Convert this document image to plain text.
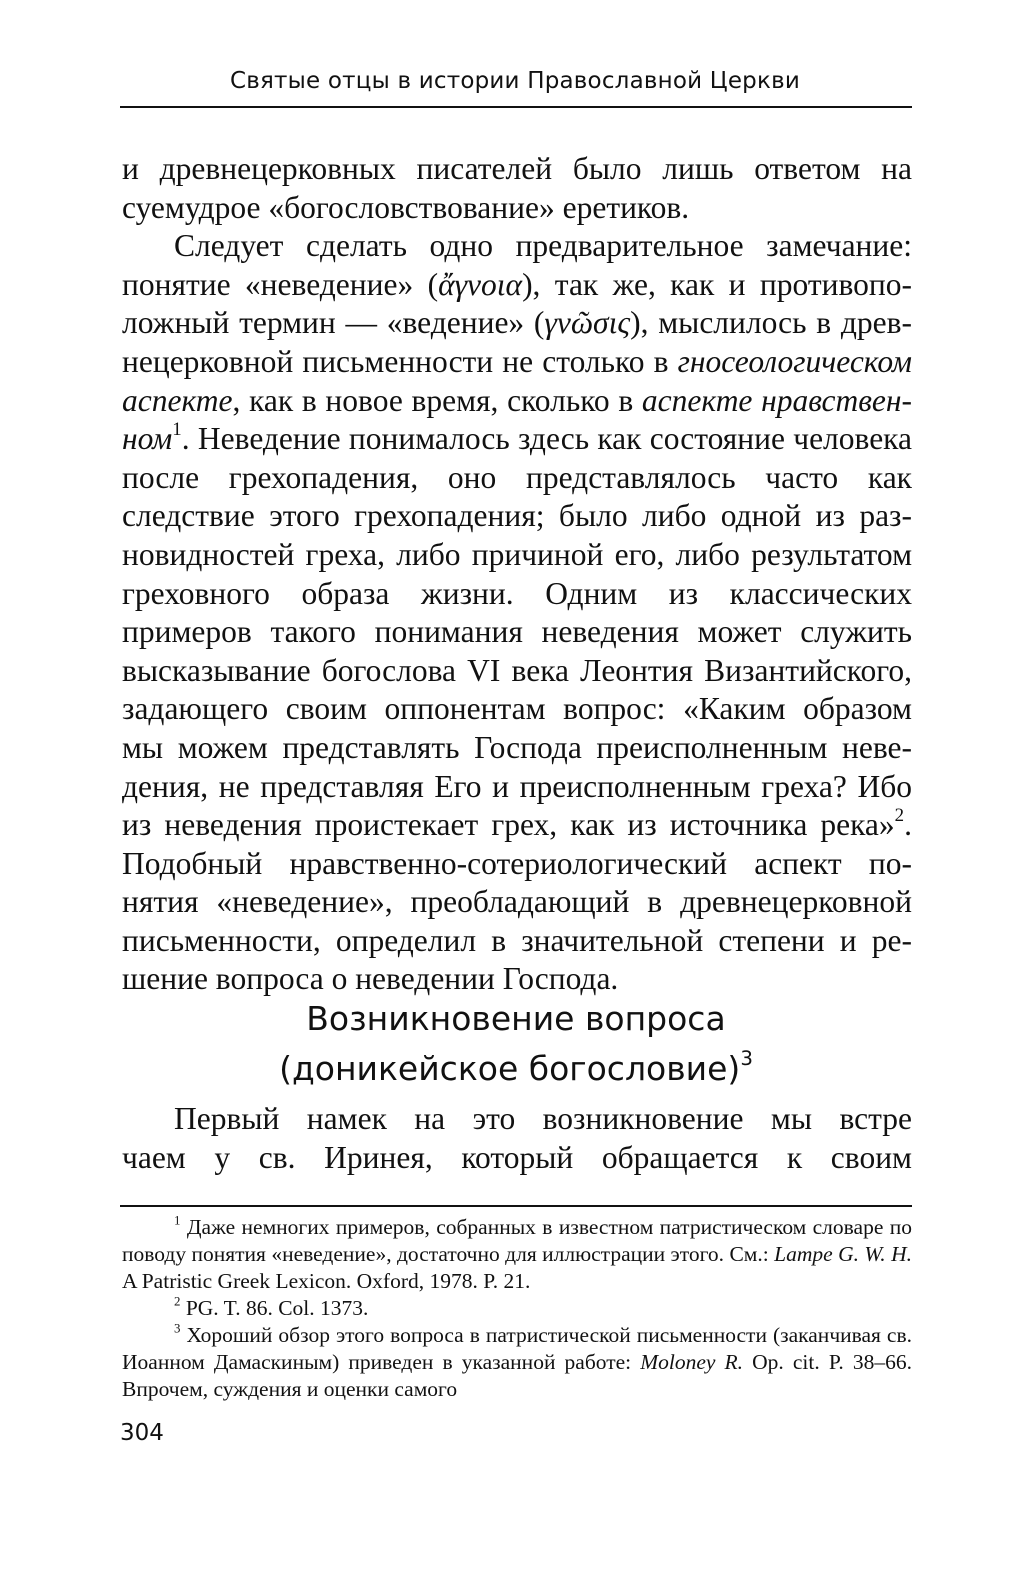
Святые отцы в истории Православной Церкви

и древнецерковных писателей было лишь ответом на суемудрое «богословствование» еретиков.

Следует сделать одно предварительное замечание: понятие «неведение» (ἄγνοια), так же, как и противоположный термин — «ведение» (γνῶσις), мыслилось в древнецерковной письменности не столько в гносеологическом аспекте, как в новое время, сколько в аспекте нравственном$^1$. Неведение понималось здесь как состояние человека после грехопадения, оно представлялось часто как следствие этого грехопадения; было либо одной из разновидностей греха, либо причиной его, либо результатом греховного образа жизни. Одним из классических примеров такого понимания неведения может служить высказывание богослова VI века Леонтия Византийского, задающего своим оппонентам вопрос: «Каким образом мы можем представлять Господа преисполненным неведения, не представляя Его и преисполненным греха? Ибо из неведения проистекает грех, как из источника река»$^2$. Подобный нравственно-сотериологический аспект понятия «неведение», преобладающий в древнецерковной письменности, определил в значительной степени и решение вопроса о неведении Господа.

Возникновение вопроса
(доникейское богословие)$^3$
Первый намек на это возникновение мы встре
чаем у св. Иринея, который обращается к своим

$^1$ Даже немногих примеров, собранных в известном патристическом словаре по поводу понятия «неведение», достаточно для иллюстрации этого. См.: Lampe G. W. H. A Patristic Greek Lexicon. Oxford, 1978. P. 21.

$^2$ PG. T. 86. Col. 1373.

$^3$ Хороший обзор этого вопроса в патристической письменности (заканчивая св. Иоанном Дамаскиным) приведен в указанной работе: Moloney R. Op. cit. P. 38–66. Впрочем, суждения и оценки самого

304
